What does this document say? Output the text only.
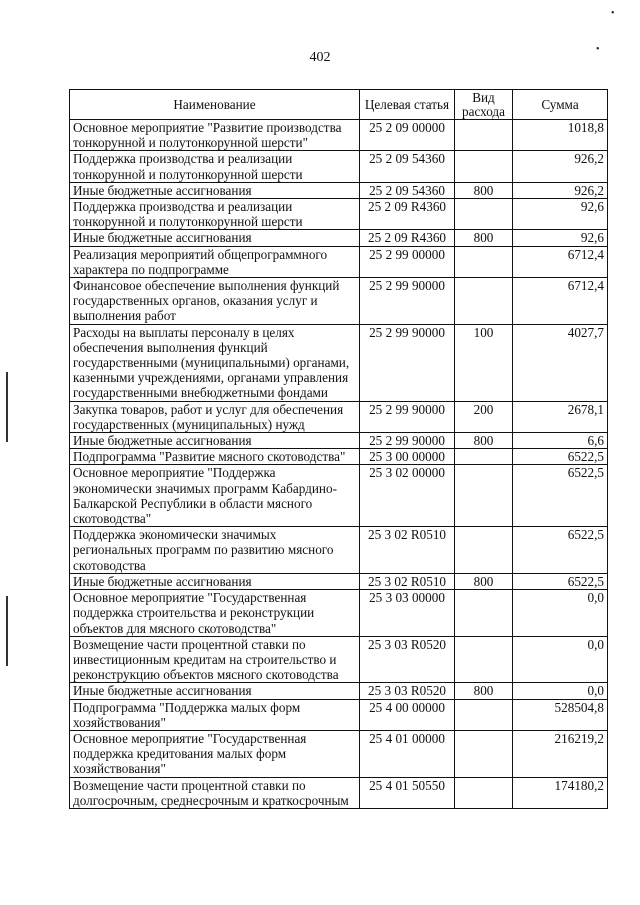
402
•
•
Наименование	Целевая статья	Вид расхода	Сумма
Основное мероприятие "Развитие производства тонкорунной и полутонкорунной шерсти"	25 2 09 00000		1018,8
Поддержка производства и реализации тонкорунной и полутонкорунной шерсти	25 2 09 54360		926,2
Иные бюджетные ассигнования	25 2 09 54360	800	926,2
Поддержка производства и реализации тонкорунной и полутонкорунной шерсти	25 2 09 R4360		92,6
Иные бюджетные ассигнования	25 2 09 R4360	800	92,6
Реализация мероприятий общепрограммного характера по подпрограмме	25 2 99 00000		6712,4
Финансовое обеспечение выполнения функций государственных органов, оказания услуг и выполнения работ	25 2 99 90000		6712,4
Расходы на выплаты персоналу в целях обеспечения выполнения функций государственными (муниципальными) органами, казенными учреждениями, органами управления государственными внебюджетными фондами	25 2 99 90000	100	4027,7
Закупка товаров, работ и услуг для обеспечения государственных (муниципальных) нужд	25 2 99 90000	200	2678,1
Иные бюджетные ассигнования	25 2 99 90000	800	6,6
Подпрограмма "Развитие мясного скотоводства"	25 3 00 00000		6522,5
Основное мероприятие "Поддержка экономически значимых программ Кабардино-Балкарской Республики в области мясного скотоводства"	25 3 02 00000		6522,5
Поддержка экономически значимых региональных программ по развитию мясного скотоводства	25 3 02 R0510		6522,5
Иные бюджетные ассигнования	25 3 02 R0510	800	6522,5
Основное мероприятие "Государственная поддержка строительства и реконструкции объектов для мясного скотоводства"	25 3 03 00000		0,0
Возмещение части процентной ставки по инвестиционным кредитам на строительство и реконструкцию объектов мясного скотоводства	25 3 03 R0520		0,0
Иные бюджетные ассигнования	25 3 03 R0520	800	0,0
Подпрограмма "Поддержка малых форм хозяйствования"	25 4 00 00000		528504,8
Основное мероприятие "Государственная поддержка кредитования малых форм хозяйствования"	25 4 01 00000		216219,2
Возмещение части процентной ставки по долгосрочным, среднесрочным и краткосрочным	25 4 01 50550		174180,2
